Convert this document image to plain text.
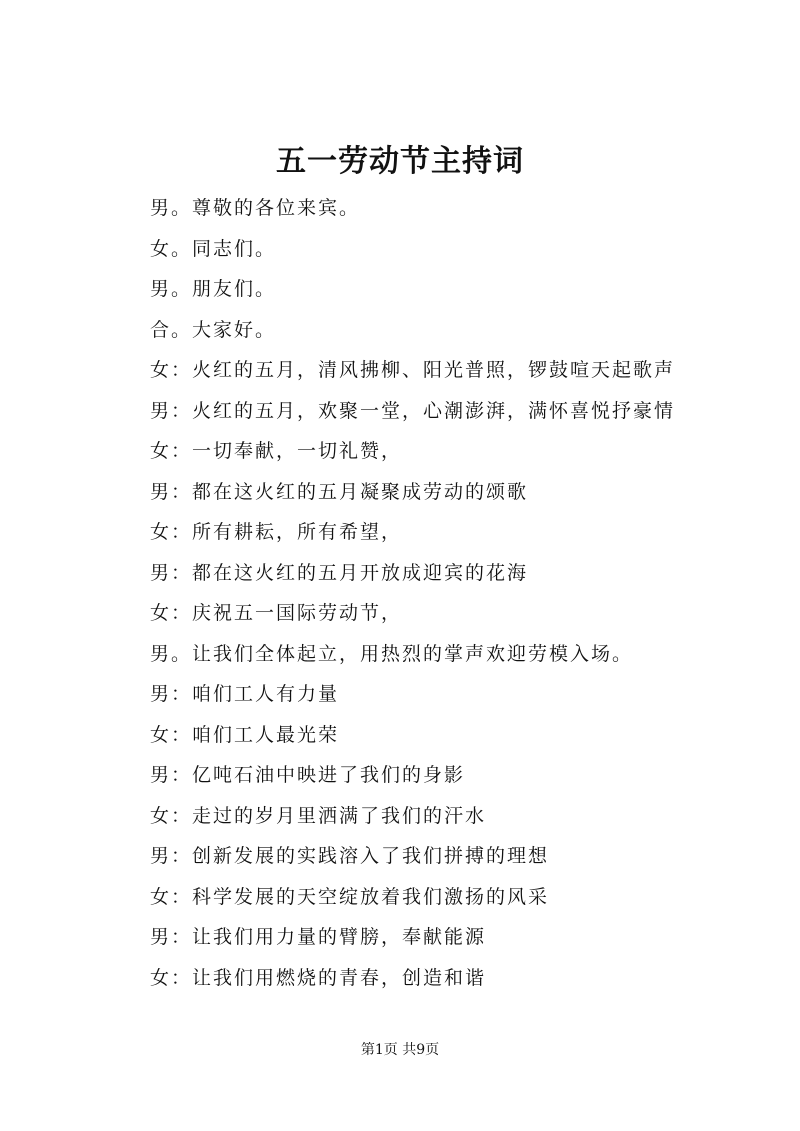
五一劳动节主持词
男。尊敬的各位来宾。
女。同志们。
男。朋友们。
合。大家好。
女：火红的五月，清风拂柳、阳光普照，锣鼓喧天起歌声
男：火红的五月，欢聚一堂，心潮澎湃，满怀喜悦抒豪情
女：一切奉献，一切礼赞，
男：都在这火红的五月凝聚成劳动的颂歌
女：所有耕耘，所有希望，
男：都在这火红的五月开放成迎宾的花海
女：庆祝五一国际劳动节，
男。让我们全体起立，用热烈的掌声欢迎劳模入场。
男：咱们工人有力量
女：咱们工人最光荣
男：亿吨石油中映进了我们的身影
女：走过的岁月里洒满了我们的汗水
男：创新发展的实践溶入了我们拼搏的理想
女：科学发展的天空绽放着我们激扬的风采
男：让我们用力量的臂膀，奉献能源
女：让我们用燃烧的青春，创造和谐
第1页 共9页
